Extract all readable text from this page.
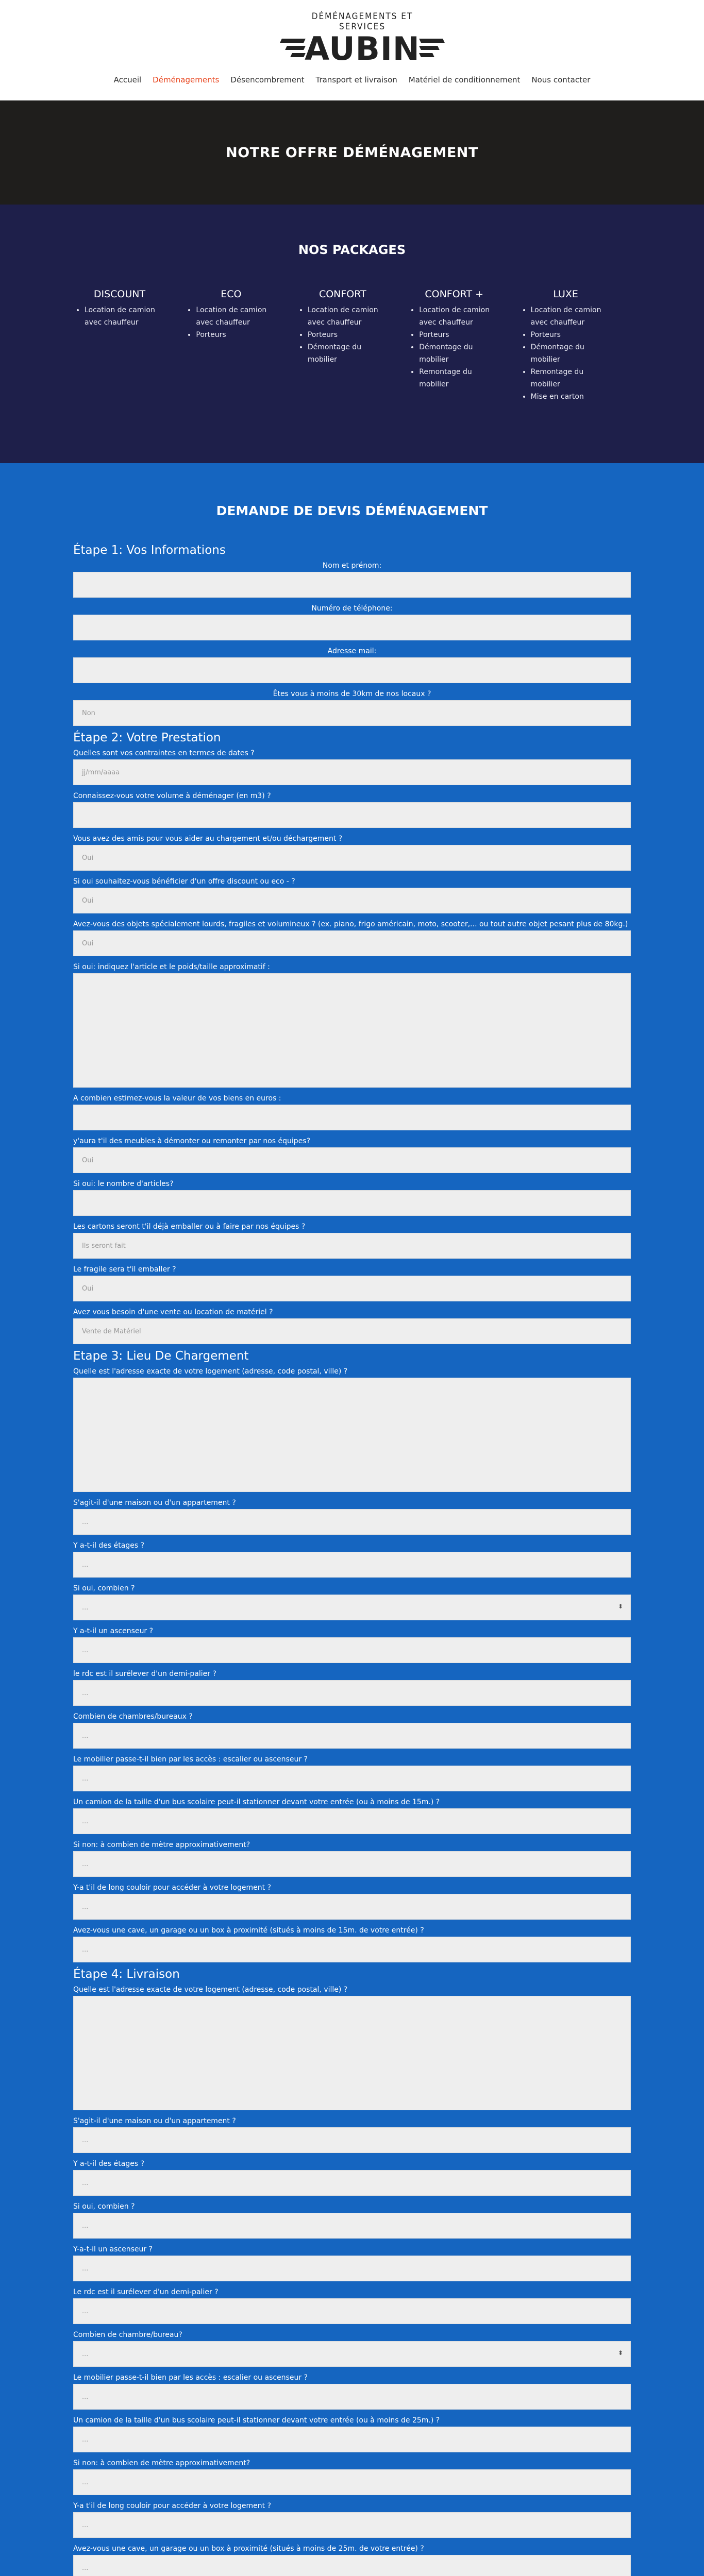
DÉMÉNAGEMENTS ET SERVICES
AUBIN
Accueil Déménagements Désencombrement Transport et livraison Matériel de conditionnement Nous contacter
NOTRE OFFRE DÉMÉNAGEMENT
NOS PACKAGES
DISCOUNT
• Location de camion avec chauffeur
ECO
• Location de camion avec chauffeur
• Porteurs
CONFORT
• Location de camion avec chauffeur
• Porteurs
• Démontage du mobilier
CONFORT +
• Location de camion avec chauffeur
• Porteurs
• Démontage du mobilier
• Remontage du mobilier
LUXE
• Location de camion avec chauffeur
• Porteurs
• Démontage du mobilier
• Remontage du mobilier
• Mise en carton
DEMANDE DE DEVIS DÉMÉNAGEMENT
Étape 1: Vos Informations
Nom et prénom:
Numéro de téléphone:
Adresse mail:
Êtes vous à moins de 30km de nos locaux ?
Non
Étape 2: Votre Prestation
Quelles sont vos contraintes en termes de dates ?
jj/mm/aaaa
Connaissez-vous votre volume à déménager (en m3) ?
Vous avez des amis pour vous aider au chargement et/ou déchargement ?
Oui
Si oui souhaitez-vous bénéficier d'un offre discount ou eco - ?
Oui
Avez-vous des objets spécialement lourds, fragiles et volumineux ? (ex. piano, frigo américain, moto, scooter,... ou tout autre objet pesant plus de 80kg.)
Oui
Si oui: indiquez l'article et le poids/taille approximatif :
A combien estimez-vous la valeur de vos biens en euros :
y'aura t'il des meubles à démonter ou remonter par nos équipes?
Oui
Si oui: le nombre d'articles?
Les cartons seront t'il déjà emballer ou à faire par nos équipes ?
Ils seront fait
Le fragile sera t'il emballer ?
Oui
Avez vous besoin d'une vente ou location de matériel ?
Vente de Matériel
Etape 3: Lieu De Chargement
Quelle est l'adresse exacte de votre logement (adresse, code postal, ville) ?
S'agit-il d'une maison ou d'un appartement ?
...
Y a-t-il des étages ?
...
Si oui, combien ?
...	⬍
Y a-t-il un ascenseur ?
...
le rdc est il surélever d'un demi-palier ?
...
Combien de chambres/bureaux ?
...
Le mobilier passe-t-il bien par les accès : escalier ou ascenseur ?
...
Un camion de la taille d'un bus scolaire peut-il stationner devant votre entrée (ou à moins de 15m.) ?
...
Si non: à combien de mètre approximativement?
...
Y-a t'il de long couloir pour accéder à votre logement ?
...
Avez-vous une cave, un garage ou un box à proximité (situés à moins de 15m. de votre entrée) ?
...
Étape 4: Livraison
Quelle est l'adresse exacte de votre logement (adresse, code postal, ville) ?
S'agit-il d'une maison ou d'un appartement ?
...
Y a-t-il des étages ?
...
Si oui, combien ?
...
Y-a-t-il un ascenseur ?
...
Le rdc est il surélever d'un demi-palier ?
...
Combien de chambre/bureau?
...	⬍
Le mobilier passe-t-il bien par les accès : escalier ou ascenseur ?
...
Un camion de la taille d'un bus scolaire peut-il stationner devant votre entrée (ou à moins de 25m.) ?
...
Si non: à combien de mètre approximativement?
...
Y-a t'il de long couloir pour accéder à votre logement ?
...
Avez-vous une cave, un garage ou un box à proximité (situés à moins de 25m. de votre entrée) ?
...
